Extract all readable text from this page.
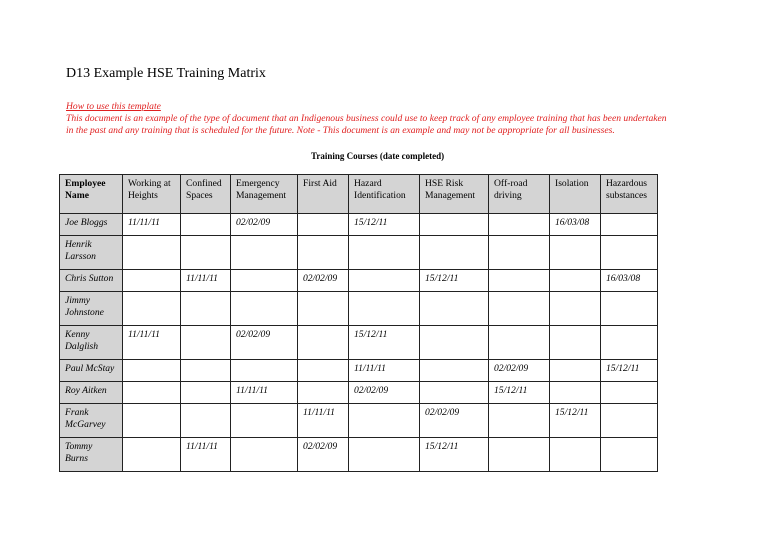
D13 Example HSE Training Matrix
How to use this template
This document is an example of the type of document that an Indigenous business could use to keep track of any employee training that has been undertaken in the past and any training that is scheduled for the future. Note - This document is an example and may not be appropriate for all businesses.
Training Courses (date completed)
Employee Name	Working at Heights	Confined Spaces	Emergency Management	First Aid	Hazard Identification	HSE Risk Management	Off-road driving	Isolation	Hazardous substances
Joe Bloggs	11/11/11		02/02/09		15/12/11			16/03/08	
Henrik Larsson									
Chris Sutton		11/11/11		02/02/09		15/12/11			16/03/08
Jimmy Johnstone									
Kenny Dalglish	11/11/11		02/02/09		15/12/11				
Paul McStay					11/11/11		02/02/09		15/12/11
Roy Aitken			11/11/11		02/02/09		15/12/11		
Frank McGarvey				11/11/11		02/02/09		15/12/11	
Tommy Burns		11/11/11		02/02/09		15/12/11			
